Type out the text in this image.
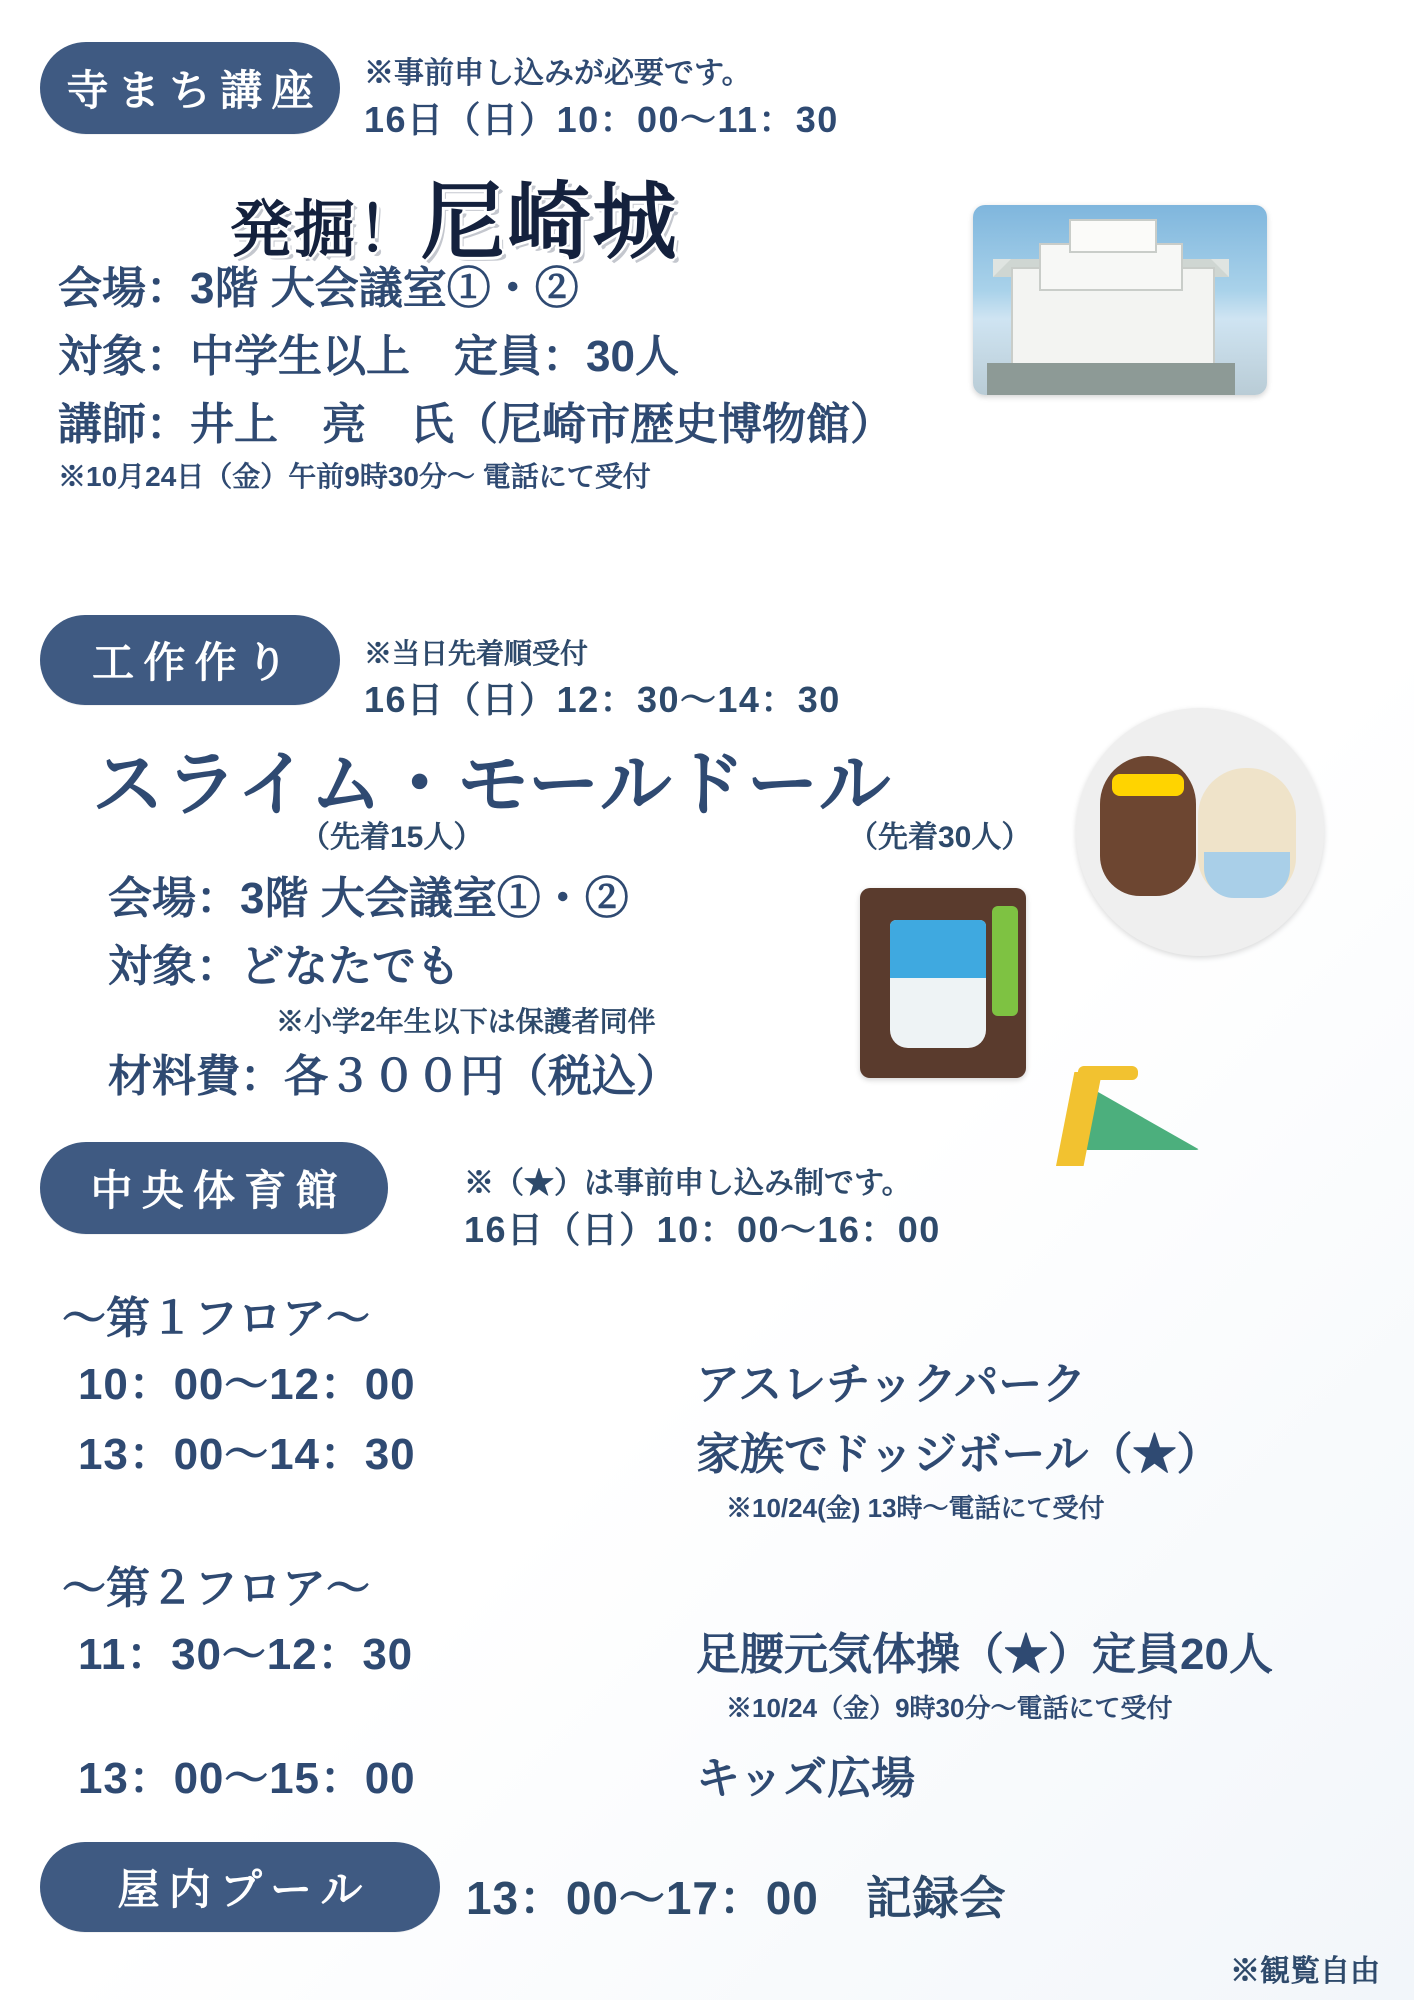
寺まち講座	※事前申し込みが必要です。
16日（日）10：00〜11：30
発掘！尼崎城
会場：3階 大会議室①・②
対象：中学生以上　定員：30人
講師：井上　亮　氏（尼崎市歴史博物館）
※10月24日（金）午前9時30分〜 電話にて受付
工作作り	※当日先着順受付
16日（日）12：30〜14：30
スライム・モールドール
（先着15人）	（先着30人）
会場：3階 大会議室①・②
対象：どなたでも
※小学2年生以下は保護者同伴
材料費：各３００円（税込）
中央体育館	※（★）は事前申し込み制です。
16日（日）10：00〜16：00
〜第１フロア〜
10：00〜12：00	アスレチックパーク
13：00〜14：30	家族でドッジボール（★）
※10/24(金) 13時〜電話にて受付
〜第２フロア〜
11：30〜12：30	足腰元気体操（★）定員20人
※10/24（金）9時30分〜電話にて受付
13：00〜15：00	キッズ広場
屋内プール	13：00〜17：00　記録会
※観覧自由
